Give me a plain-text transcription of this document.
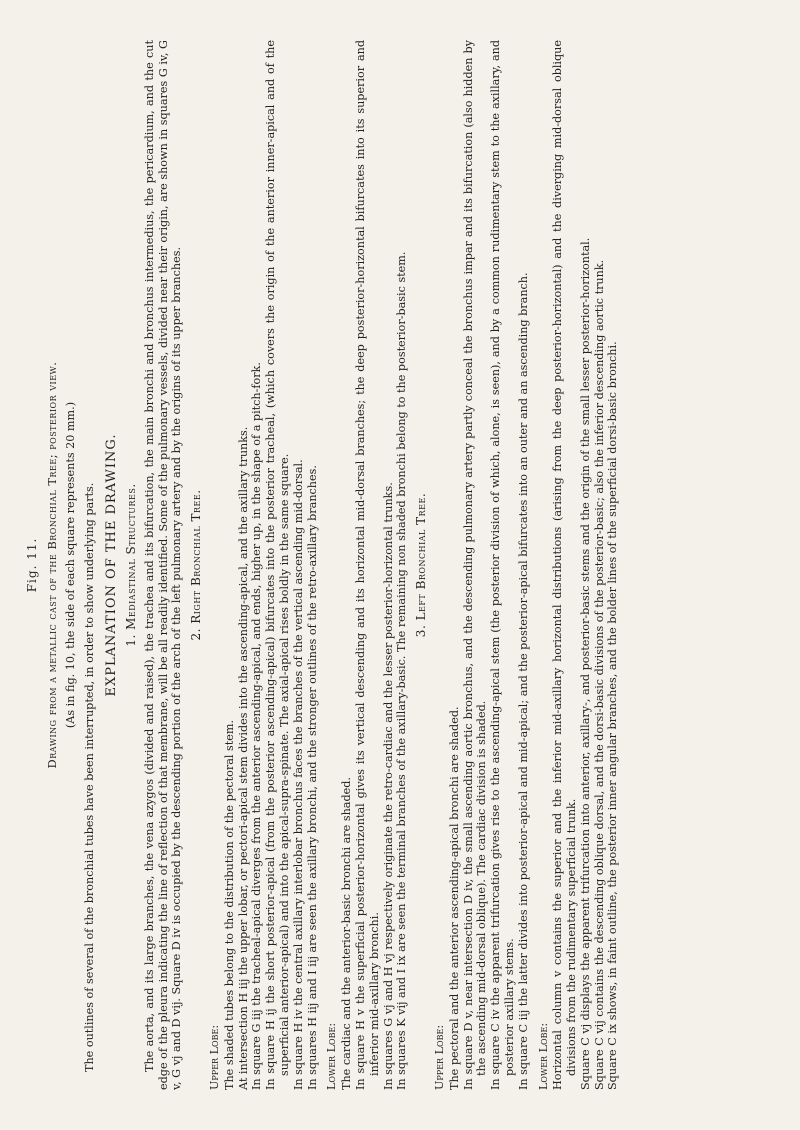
Fig. 11. Drawing from a metallic cast of the Bronchial Tree; posterior view. (As in fig. 10, the side of each square represents 20 mm.) The outlines of several of the bronchial tubes have been interrupted, in order to show underlying parts. EXPLANATION OF THE DRAWING. 1. Mediastinal Structures. The aorta, and its large branches, the vena azygos (divided and raised), the trachea and its bifurcation, the main bronchi and bronchus intermedius, the pericardium, and the cut edge of the pleura indicating the line of reflection of that membrane, will be all readily identified. Some of the pulmonary vessels, divided near their origin, are shown in squares G iv, G v, G vj and D vij. Square D iv is occupied by the descending portion of the arch of the left pulmonary artery and by the origins of its upper branches. 2. Right Bronchial Tree.
Upper Lobe: The shaded tubes belong to the distribution of the pectoral stem. At intersection H iij the upper lobar, or pectori-apical stem divides into the ascending-apical, and the axillary trunks. In square G iij the tracheal-apical diverges from the anterior ascending-apical, and ends, higher up, in the shape of a pitch-fork. In square H ij the short posterior-apical (from the posterior ascending-apical) bifurcates into the posterior tracheal, (which covers the origin of the anterior inner-apical and of the superficial anterior-apical) and into the apical-supra-spinate. The axial-apical rises boldly in the same square. In square H iv the central axillary interlobar bronchus faces the branches of the vertical ascending mid-dorsal. In squares H iij and I iij are seen the axillary bronchi, and the stronger outlines of the retro-axillary branches. Lower Lobe: The cardiac and the anterior-basic bronchi are shaded. In square H v the superficial posterior-horizontal gives its vertical descending and its horizontal mid-dorsal branches; the deep posterior-horizontal bifurcates into its superior and inferior mid-axillary bronchi. In squares G vj and H vj respectively originate the retro-cardiac and the lesser posterior-horizontal trunks. In squares K vij and I ix are seen the terminal branches of the axillary-basic. The remaining non shaded bronchi belong to the posterior-basic stem. 3. Left Bronchial Tree.
Upper Lobe: The pectoral and the anterior ascending-apical bronchi are shaded. In square D v, near intersection D iv, the small ascending aortic bronchus, and the descending pulmonary artery partly conceal the bronchus impar and its bifurcation (also hidden by the ascending mid-dorsal oblique). The cardiac division is shaded. In square C iv the apparent trifurcation gives rise to the ascending-apical stem (the posterior division of which, alone, is seen), and by a common rudimentary stem to the axillary, and posterior axillary stems. In square C iij the latter divides into posterior-apical and mid-apical; and the posterior-apical bifurcates into an outer and an ascending branch. Lower Lobe: Horizontal column v contains the superior and the inferior mid-axillary horizontal distributions (arising from the deep posterior-horizontal) and the diverging mid-dorsal oblique divisions from the rudimentary superficial trunk. Square C vj displays the apparent trifurcation into anterior, axillary-, and posterior-basic stems and the origin of the small lesser posterior-horizontal. Square C vij contains the descending oblique dorsal, and the dorsi-basic divisions of the posterior-basic; also the inferior descending aortic trunk. Square C ix shows, in faint outline, the posterior inner angular branches, and the bolder lines of the superficial dorsi-basic bronchi.
